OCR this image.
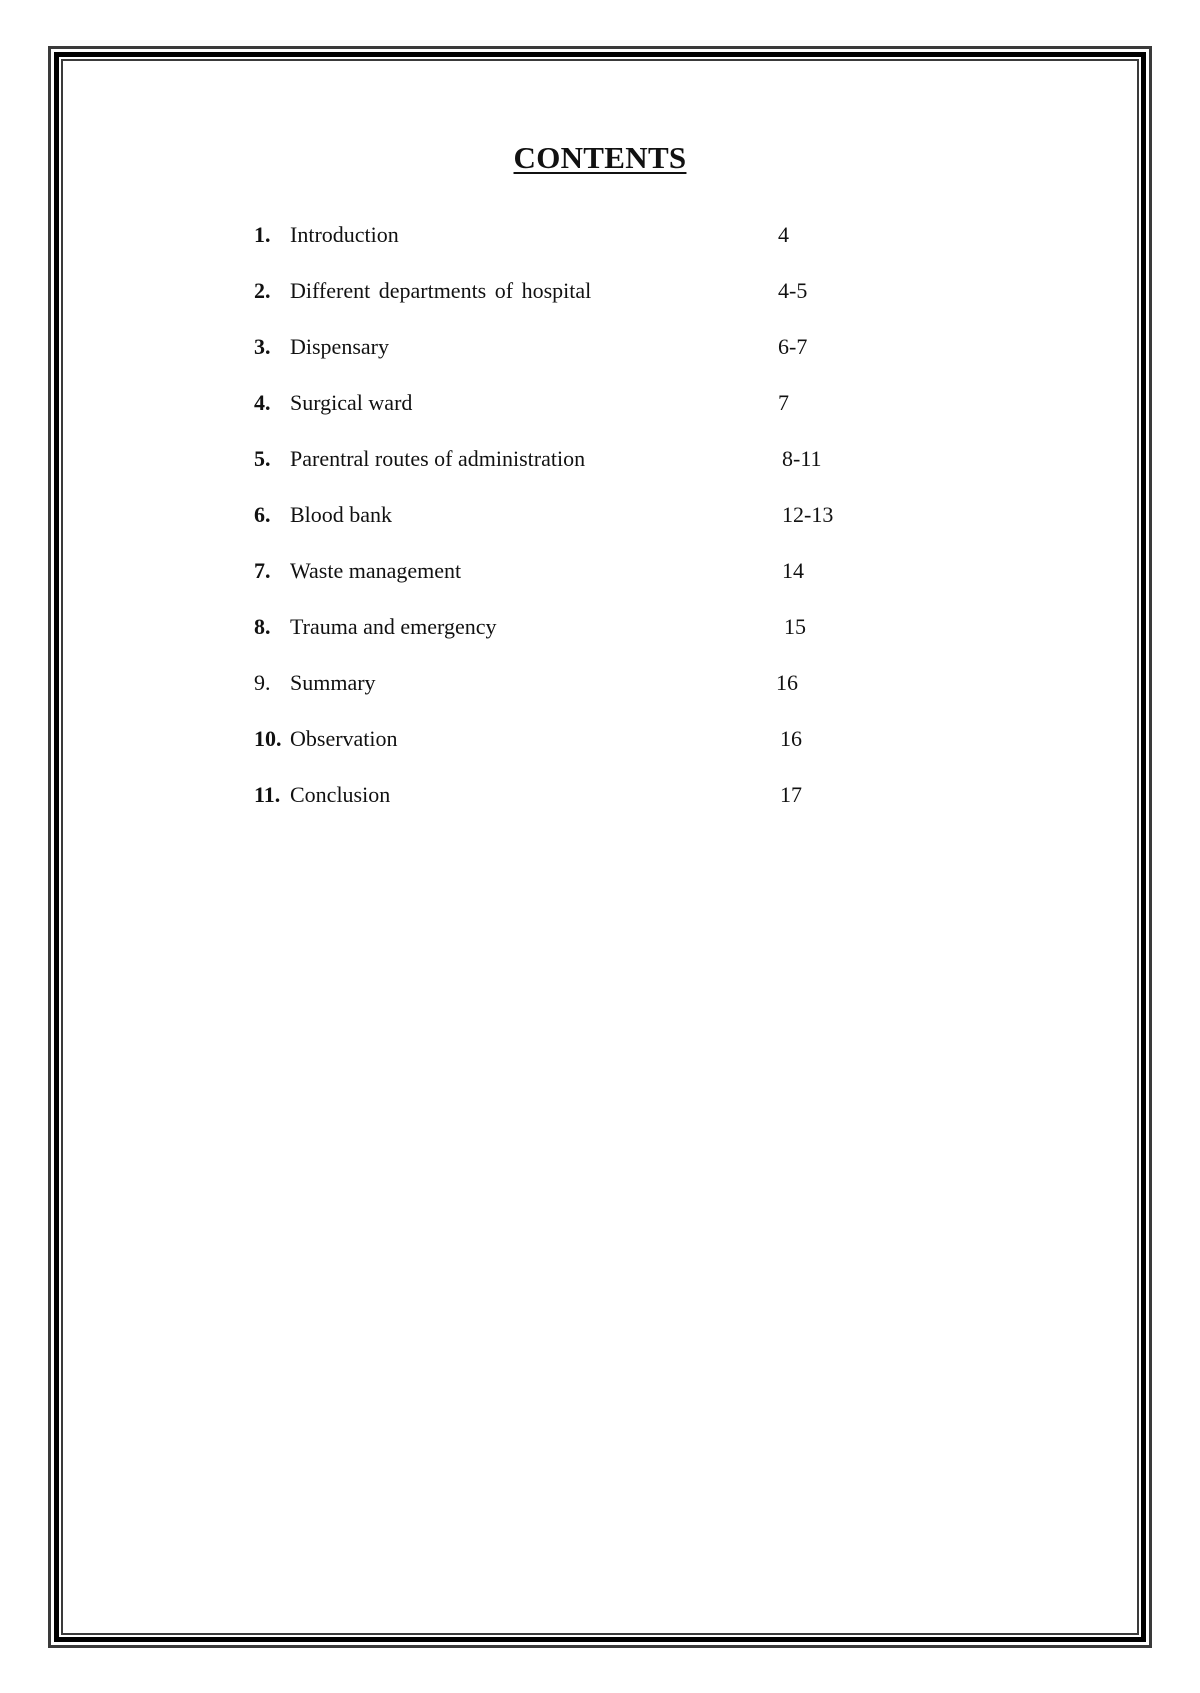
CONTENTS
1. Introduction	4
2. Different departments of hospital	4-5
3. Dispensary	6-7
4. Surgical ward	7
5. Parentral routes of administration	8-11
6. Blood bank	12-13
7. Waste management	14
8. Trauma and emergency	15
9. Summary	16
10. Observation	16
11. Conclusion	17
